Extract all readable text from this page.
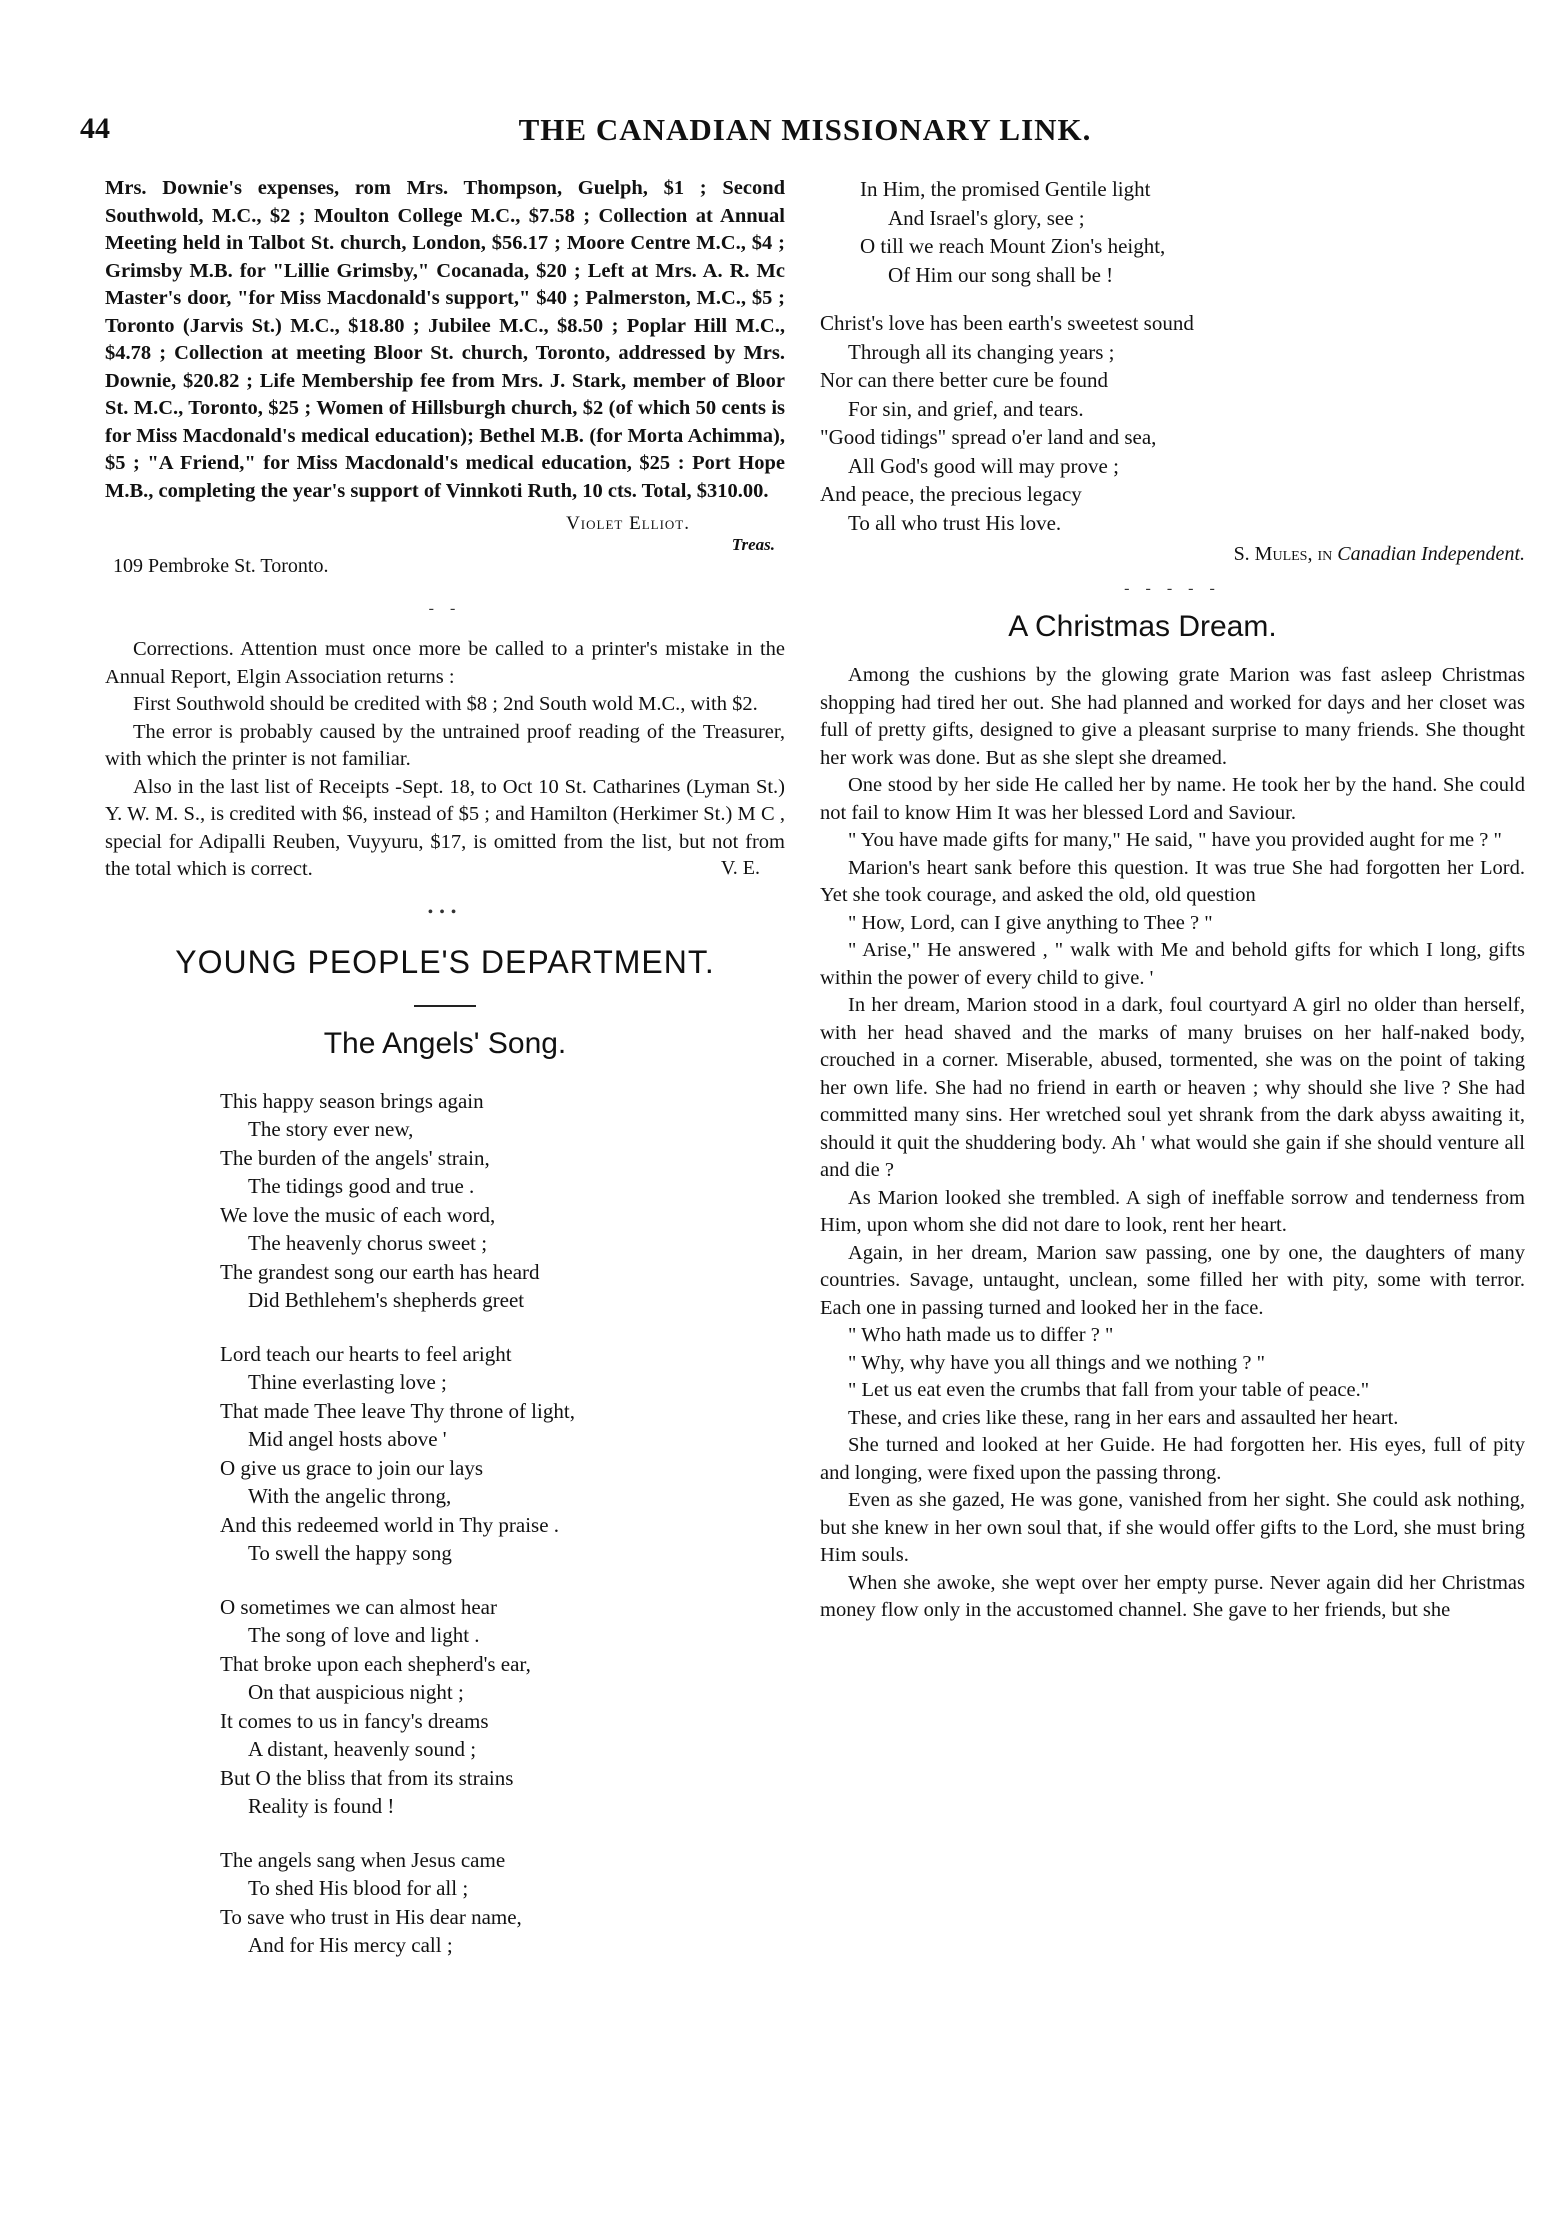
44	THE CANADIAN MISSIONARY LINK.

Mrs. Downie's expenses, rom Mrs. Thompson, Guelph, $1 ; Second Southwold, M.C., $2 ; Moulton College M.C., $7.58 ; Collection at Annual Meeting held in Talbot St. church, London, $56.17 ; Moore Centre M.C., $4 ; Grimsby M.B. for "Lillie Grimsby," Cocanada, $20 ; Left at Mrs. A. R. Mc Master's door, "for Miss Macdonald's support," $40 ; Palmerston, M.C., $5 ; Toronto (Jarvis St.) M.C., $18.80 ; Jubilee M.C., $8.50 ; Poplar Hill M.C., $4.78 ; Collection at meeting Bloor St. church, Toronto, addressed by Mrs. Downie, $20.82 ; Life Membership fee from Mrs. J. Stark, member of Bloor St. M.C., Toronto, $25 ; Women of Hillsburgh church, $2 (of which 50 cents is for Miss Macdonald's medical education); Bethel M.B. (for Morta Achimma), $5 ; "A Friend," for Miss Macdonald's medical education, $25 : Port Hope M.B., completing the year's support of Vinnkoti Ruth, 10 cts. Total, $310.00.

Violet Elliot.
Treas.
109 Pembroke St. Toronto.
- -

Corrections. Attention must once more be called to a printer's mistake in the Annual Report, Elgin Association returns :

First Southwold should be credited with $8 ; 2nd South wold M.C., with $2.

The error is probably caused by the untrained proof reading of the Treasurer, with which the printer is not familiar.

Also in the last list of Receipts -Sept. 18, to Oct 10 St. Catharines (Lyman St.) Y. W. M. S., is credited with $6, instead of $5 ; and Hamilton (Herkimer St.) M C , special for Adipalli Reuben, Vuyyuru, $17, is omitted from the list, but not from the total which is correct.	V. E.
•••
YOUNG PEOPLE'S DEPARTMENT.
The Angels' Song.
This happy season brings again
The story ever new,
The burden of the angels' strain,
The tidings good and true .
We love the music of each word,
The heavenly chorus sweet ;
The grandest song our earth has heard
Did Bethlehem's shepherds greet
Lord teach our hearts to feel aright
Thine everlasting love ;
That made Thee leave Thy throne of light,
Mid angel hosts above '
O give us grace to join our lays
With the angelic throng,
And this redeemed world in Thy praise .
To swell the happy song
O sometimes we can almost hear
The song of love and light .
That broke upon each shepherd's ear,
On that auspicious night ;
It comes to us in fancy's dreams
A distant, heavenly sound ;
But O the bliss that from its strains
Reality is found !
The angels sang when Jesus came
To shed His blood for all ;
To save who trust in His dear name,
And for His mercy call ;
In Him, the promised Gentile light
And Israel's glory, see ;
O till we reach Mount Zion's height,
Of Him our song shall be !
Christ's love has been earth's sweetest sound
Through all its changing years ;
Nor can there better cure be found
For sin, and grief, and tears.
"Good tidings" spread o'er land and sea,
All God's good will may prove ;
And peace, the precious legacy
To all who trust His love.
S. Mules, in Canadian Independent.
- - - - -
A Christmas Dream.

Among the cushions by the glowing grate Marion was fast asleep Christmas shopping had tired her out. She had planned and worked for days and her closet was full of pretty gifts, designed to give a pleasant surprise to many friends. She thought her work was done. But as she slept she dreamed.

One stood by her side He called her by name. He took her by the hand. She could not fail to know Him It was her blessed Lord and Saviour.

" You have made gifts for many," He said, " have you provided aught for me ? "

Marion's heart sank before this question. It was true She had forgotten her Lord. Yet she took courage, and asked the old, old question

" How, Lord, can I give anything to Thee ? "

" Arise," He answered , " walk with Me and behold gifts for which I long, gifts within the power of every child to give. '

In her dream, Marion stood in a dark, foul courtyard A girl no older than herself, with her head shaved and the marks of many bruises on her half-naked body, crouched in a corner. Miserable, abused, tormented, she was on the point of taking her own life. She had no friend in earth or heaven ; why should she live ? She had committed many sins. Her wretched soul yet shrank from the dark abyss awaiting it, should it quit the shuddering body. Ah ' what would she gain if she should venture all and die ?

As Marion looked she trembled. A sigh of ineffable sorrow and tenderness from Him, upon whom she did not dare to look, rent her heart.

Again, in her dream, Marion saw passing, one by one, the daughters of many countries. Savage, untaught, unclean, some filled her with pity, some with terror. Each one in passing turned and looked her in the face.

" Who hath made us to differ ? "

" Why, why have you all things and we nothing ? "

" Let us eat even the crumbs that fall from your table of peace."

These, and cries like these, rang in her ears and assaulted her heart.

She turned and looked at her Guide. He had forgotten her. His eyes, full of pity and longing, were fixed upon the passing throng.

Even as she gazed, He was gone, vanished from her sight. She could ask nothing, but she knew in her own soul that, if she would offer gifts to the Lord, she must bring Him souls.

When she awoke, she wept over her empty purse. Never again did her Christmas money flow only in the accustomed channel. She gave to her friends, but she
